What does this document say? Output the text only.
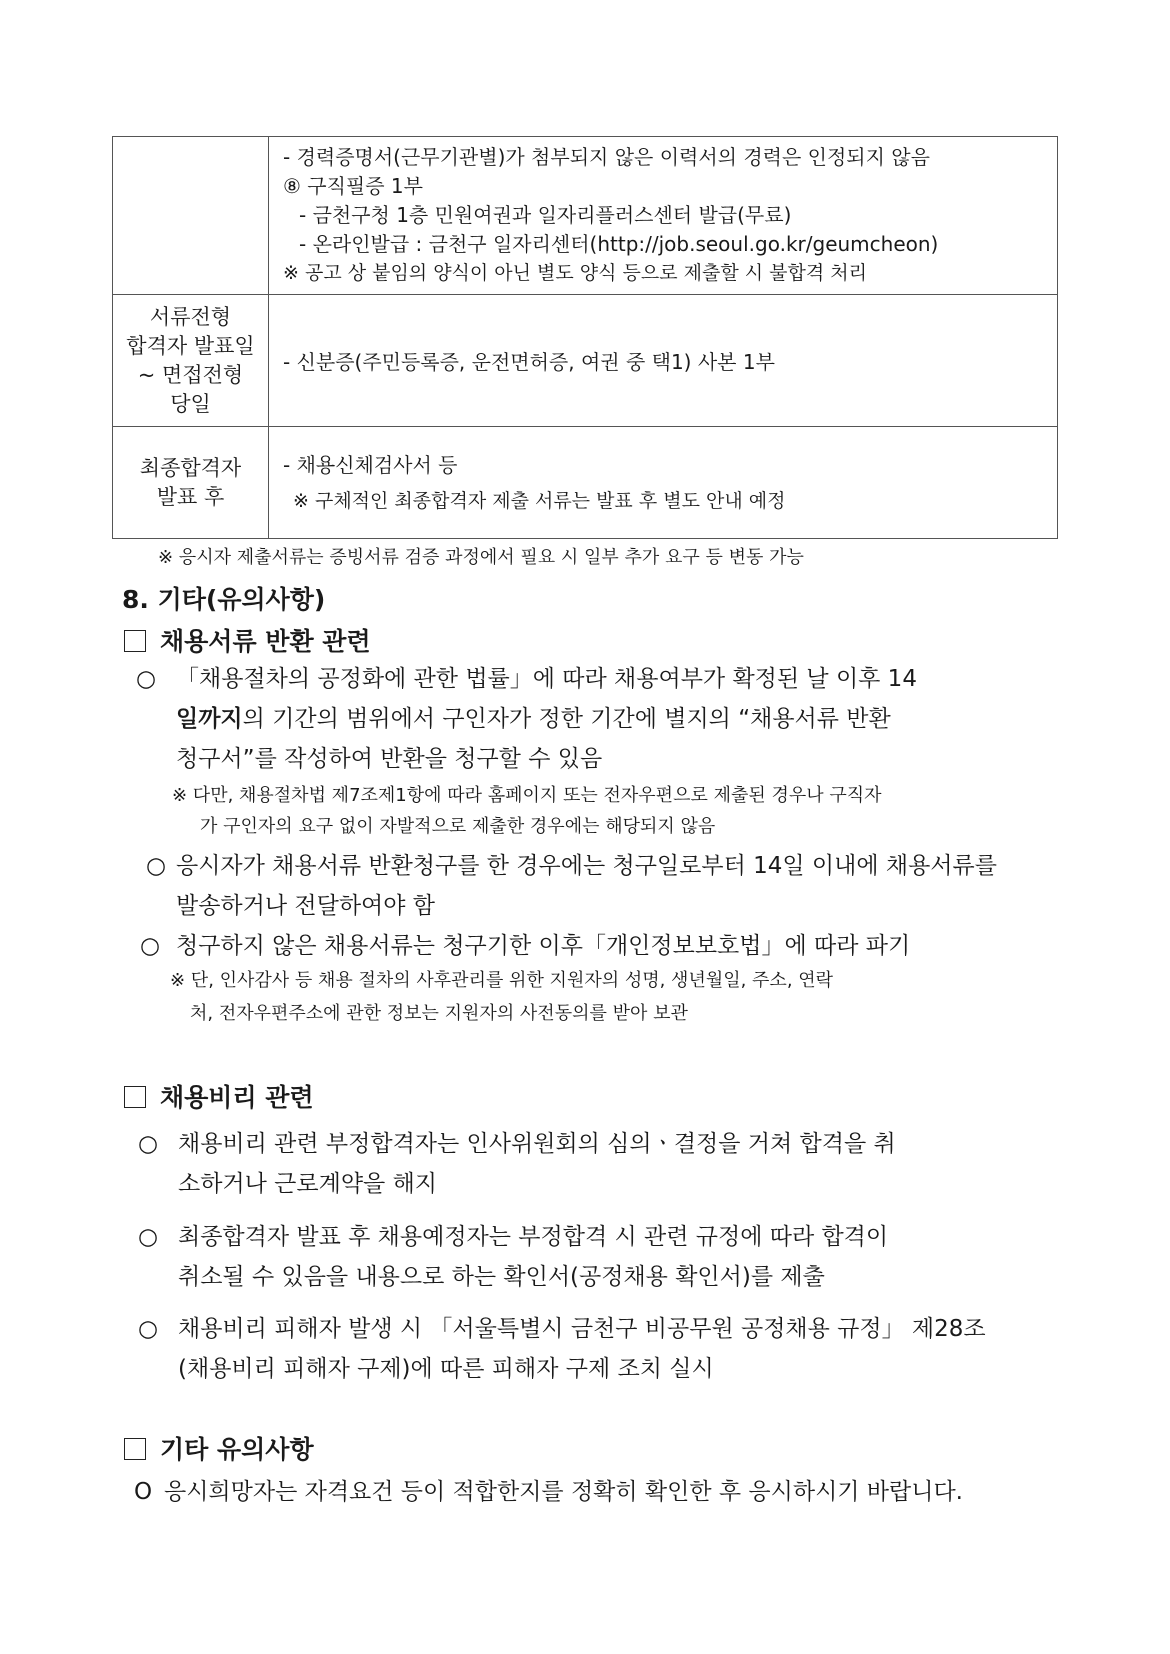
	- 경력증명서(근무기관별)가 첨부되지 않은 이력서의 경력은 인정되지 않음
⑧ 구직필증 1부
- 금천구청 1층 민원여권과 일자리플러스센터 발급(무료)
- 온라인발급 : 금천구 일자리센터(http://job.seoul.go.kr/geumcheon)
※ 공고 상 붙임의 양식이 아닌 별도 양식 등으로 제출할 시 불합격 처리

서류전형
합격자 발표일
~ 면접전형
당일	- 신분증(주민등록증, 운전면허증, 여권 중 택1) 사본 1부

최종합격자
발표 후	- 채용신체검사서 등
※ 구체적인 최종합격자 제출 서류는 발표 후 별도 안내 예정
※ 응시자 제출서류는 증빙서류 검증 과정에서 필요 시 일부 추가 요구 등 변동 가능
8. 기타(유의사항)
채용서류 반환 관련
○ 「채용절차의 공정화에 관한 법률」에 따라 채용여부가 확정된 날 이후 14
일까지의 기간의 범위에서 구인자가 정한 기간에 별지의 “채용서류 반환
청구서”를 작성하여 반환을 청구할 수 있음
※ 다만, 채용절차법 제7조제1항에 따라 홈페이지 또는 전자우편으로 제출된 경우나 구직자
가 구인자의 요구 없이 자발적으로 제출한 경우에는 해당되지 않음
○ 응시자가 채용서류 반환청구를 한 경우에는 청구일로부터 14일 이내에 채용서류를
발송하거나 전달하여야 함
○ 청구하지 않은 채용서류는 청구기한 이후「개인정보보호법」에 따라 파기
※ 단, 인사감사 등 채용 절차의 사후관리를 위한 지원자의 성명, 생년월일, 주소, 연락
처, 전자우편주소에 관한 정보는 지원자의 사전동의를 받아 보관
채용비리 관련
○ 채용비리 관련 부정합격자는 인사위원회의 심의ㆍ결정을 거쳐 합격을 취
소하거나 근로계약을 해지
○ 최종합격자 발표 후 채용예정자는 부정합격 시 관련 규정에 따라 합격이
취소될 수 있음을 내용으로 하는 확인서(공정채용 확인서)를 제출
○ 채용비리 피해자 발생 시 「서울특별시 금천구 비공무원 공정채용 규정」 제28조
(채용비리 피해자 구제)에 따른 피해자 구제 조치 실시
기타 유의사항
O 응시희망자는 자격요건 등이 적합한지를 정확히 확인한 후 응시하시기 바랍니다.
